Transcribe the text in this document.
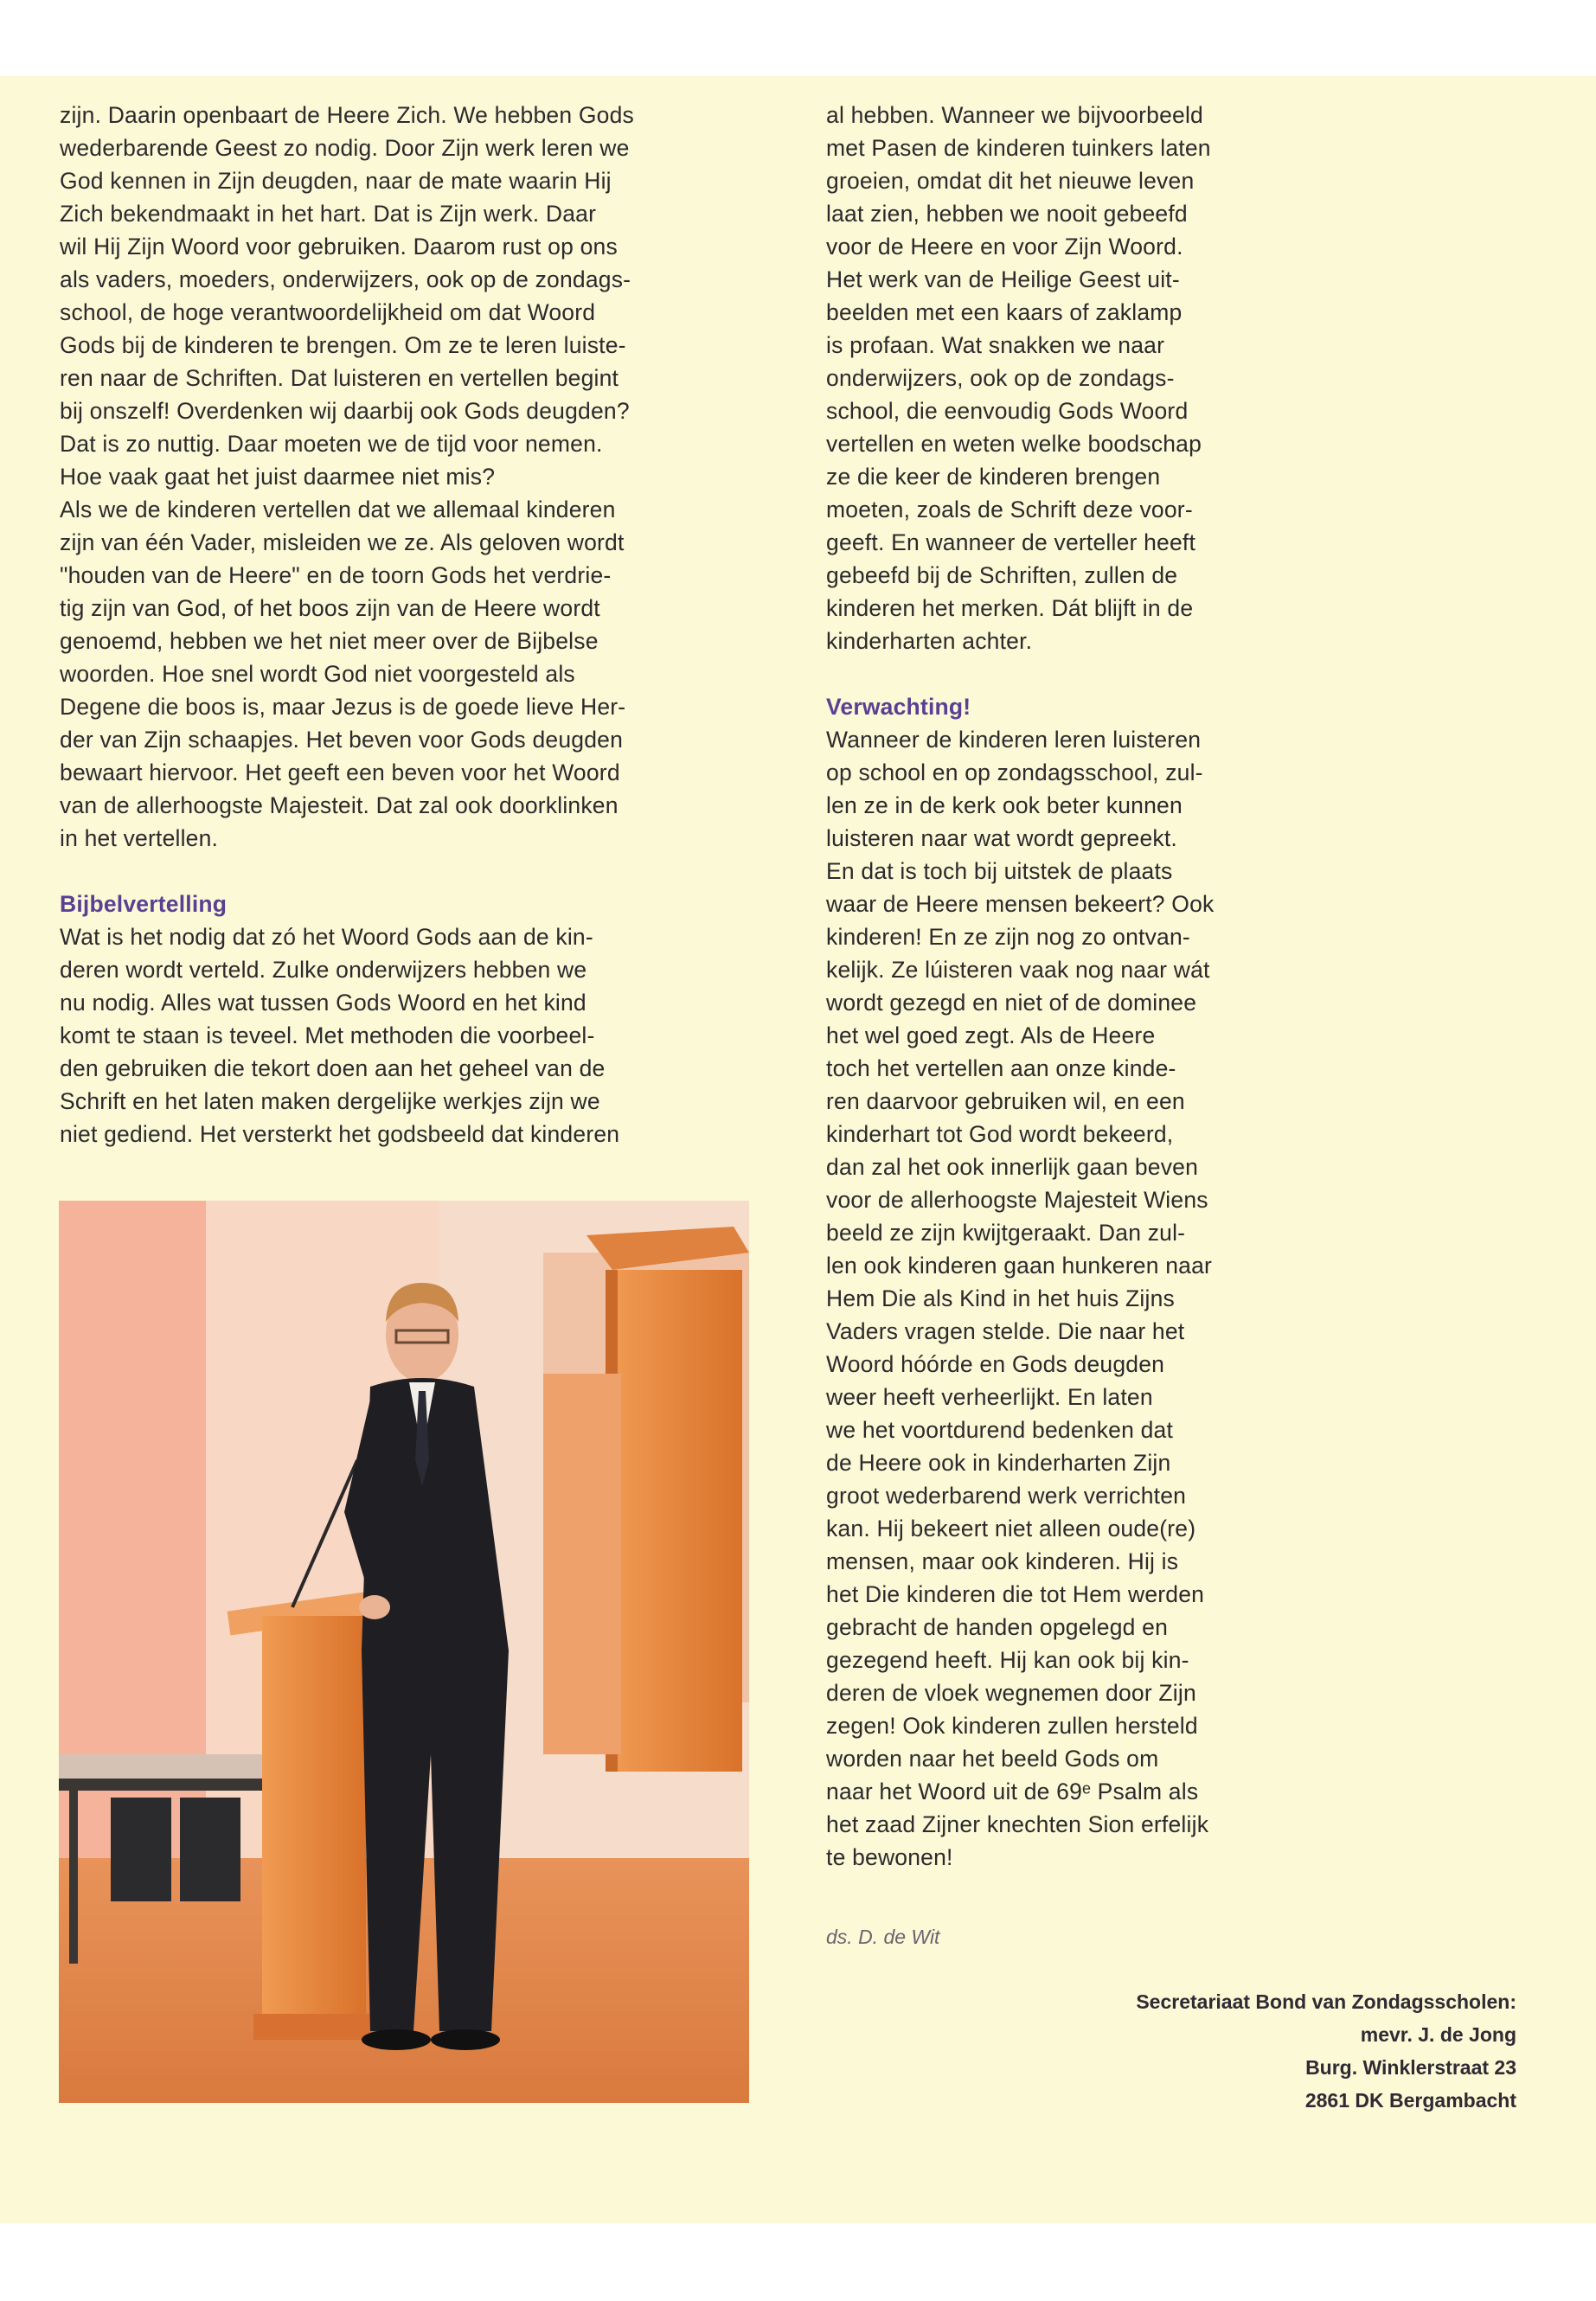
zijn. Daarin openbaart de Heere Zich. We hebben Gods
wederbarende Geest zo nodig. Door Zijn werk leren we
God kennen in Zijn deugden, naar de mate waarin Hij
Zich bekendmaakt in het hart. Dat is Zijn werk. Daar
wil Hij Zijn Woord voor gebruiken. Daarom rust op ons
als vaders, moeders, onderwijzers, ook op de zondags-
school, de hoge verantwoordelijkheid om dat Woord
Gods bij de kinderen te brengen. Om ze te leren luiste-
ren naar de Schriften. Dat luisteren en vertellen begint
bij onszelf! Overdenken wij daarbij ook Gods deugden?
Dat is zo nuttig. Daar moeten we de tijd voor nemen.
Hoe vaak gaat het juist daarmee niet mis?
Als we de kinderen vertellen dat we allemaal kinderen
zijn van één Vader, misleiden we ze. Als geloven wordt
"houden van de Heere" en de toorn Gods het verdrie-
tig zijn van God, of het boos zijn van de Heere wordt
genoemd, hebben we het niet meer over de Bijbelse
woorden. Hoe snel wordt God niet voorgesteld als
Degene die boos is, maar Jezus is de goede lieve Her-
der van Zijn schaapjes. Het beven voor Gods deugden
bewaart hiervoor. Het geeft een beven voor het Woord
van de allerhoogste Majesteit. Dat zal ook doorklinken
in het vertellen.

Bijbelvertelling

Wat is het nodig dat zó het Woord Gods aan de kin-
deren wordt verteld. Zulke onderwijzers hebben we
nu nodig. Alles wat tussen Gods Woord en het kind
komt te staan is teveel. Met methoden die voorbeel-
den gebruiken die tekort doen aan het geheel van de
Schrift en het laten maken dergelijke werkjes zijn we
niet gediend. Het versterkt het godsbeeld dat kinderen

al hebben. Wanneer we bijvoorbeeld
met Pasen de kinderen tuinkers laten
groeien, omdat dit het nieuwe leven
laat zien, hebben we nooit gebeefd
voor de Heere en voor Zijn Woord.
Het werk van de Heilige Geest uit-
beelden met een kaars of zaklamp
is profaan. Wat snakken we naar
onderwijzers, ook op de zondags-
school, die eenvoudig Gods Woord
vertellen en weten welke boodschap
ze die keer de kinderen brengen
moeten, zoals de Schrift deze voor-
geeft. En wanneer de verteller heeft
gebeefd bij de Schriften, zullen de
kinderen het merken. Dát blijft in de
kinderharten achter.

Verwachting!

Wanneer de kinderen leren luisteren
op school en op zondagsschool, zul-
len ze in de kerk ook beter kunnen
luisteren naar wat wordt gepreekt.
En dat is toch bij uitstek de plaats
waar de Heere mensen bekeert? Ook
kinderen! En ze zijn nog zo ontvan-
kelijk. Ze lúisteren vaak nog naar wát
wordt gezegd en niet of de dominee
het wel goed zegt. Als de Heere
toch het vertellen aan onze kinde-
ren daarvoor gebruiken wil, en een
kinderhart tot God wordt bekeerd,
dan zal het ook innerlijk gaan beven
voor de allerhoogste Majesteit Wiens
beeld ze zijn kwijtgeraakt. Dan zul-
len ook kinderen gaan hunkeren naar
Hem Die als Kind in het huis Zijns
Vaders vragen stelde. Die naar het
Woord hóórde en Gods deugden
weer heeft verheerlijkt. En laten
we het voortdurend bedenken dat
de Heere ook in kinderharten Zijn
groot wederbarend werk verrichten
kan. Hij bekeert niet alleen oude(re)
mensen, maar ook kinderen. Hij is
het Die kinderen die tot Hem werden
gebracht de handen opgelegd en
gezegend heeft. Hij kan ook bij kin-
deren de vloek wegnemen door Zijn
zegen! Ook kinderen zullen hersteld
worden naar het beeld Gods om
naar het Woord uit de 69ᵉ Psalm als
het zaad Zijner knechten Sion erfelijk
te bewonen!

ds. D. de Wit
Secretariaat Bond van Zondagsscholen:
mevr. J. de Jong
Burg. Winklerstraat 23
2861 DK Bergambacht
